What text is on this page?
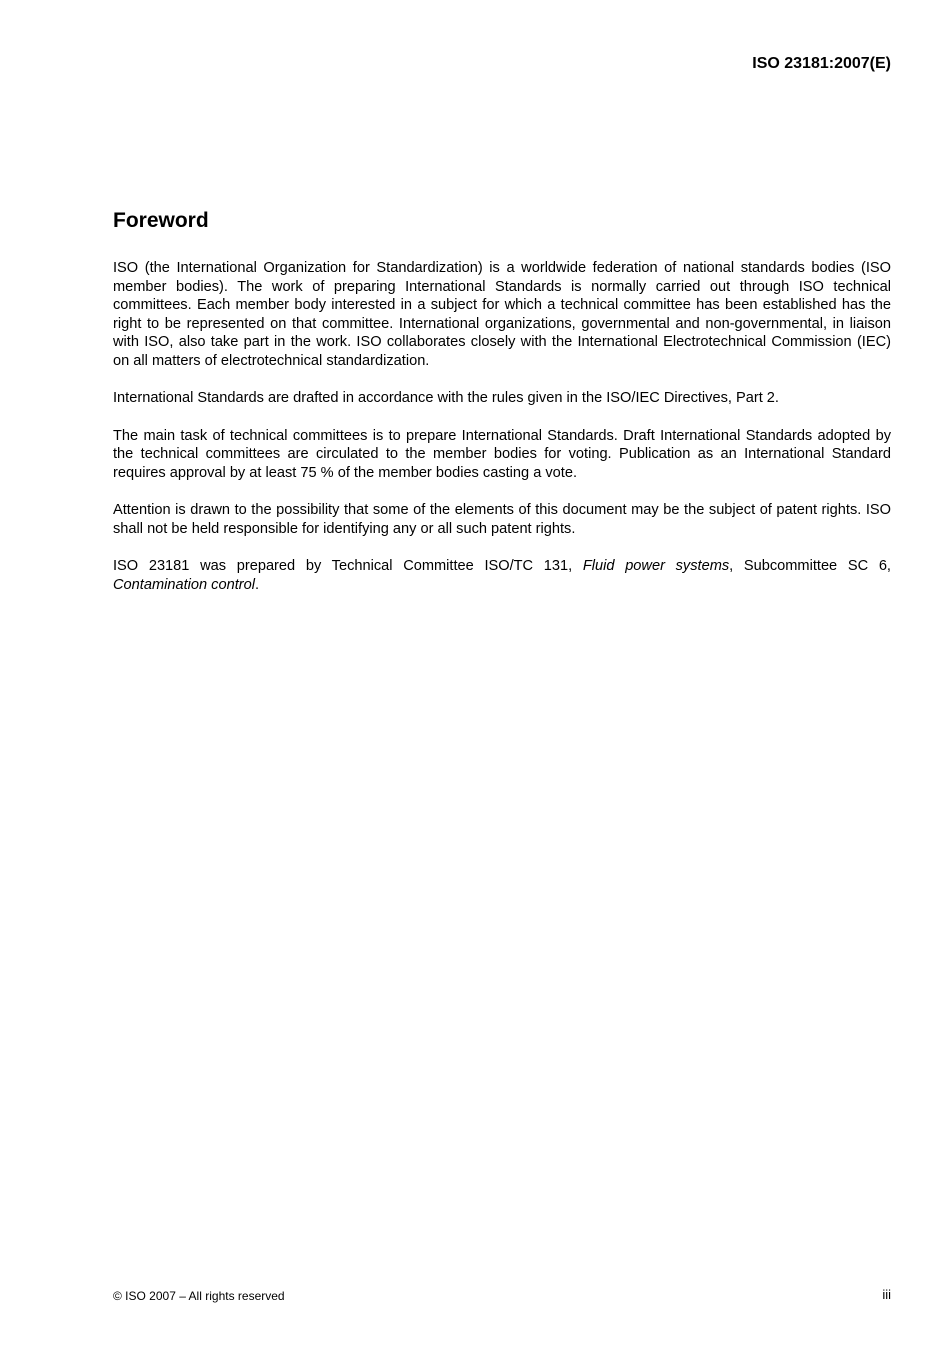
ISO 23181:2007(E)

Foreword

ISO (the International Organization for Standardization) is a worldwide federation of national standards bodies (ISO member bodies). The work of preparing International Standards is normally carried out through ISO technical committees. Each member body interested in a subject for which a technical committee has been established has the right to be represented on that committee. International organizations, governmental and non-governmental, in liaison with ISO, also take part in the work. ISO collaborates closely with the International Electrotechnical Commission (IEC) on all matters of electrotechnical standardization.

International Standards are drafted in accordance with the rules given in the ISO/IEC Directives, Part 2.

The main task of technical committees is to prepare International Standards. Draft International Standards adopted by the technical committees are circulated to the member bodies for voting. Publication as an International Standard requires approval by at least 75 % of the member bodies casting a vote.

Attention is drawn to the possibility that some of the elements of this document may be the subject of patent rights. ISO shall not be held responsible for identifying any or all such patent rights.

ISO 23181 was prepared by Technical Committee ISO/TC 131, Fluid power systems, Subcommittee SC 6, Contamination control.

© ISO 2007 – All rights reserved	iii
